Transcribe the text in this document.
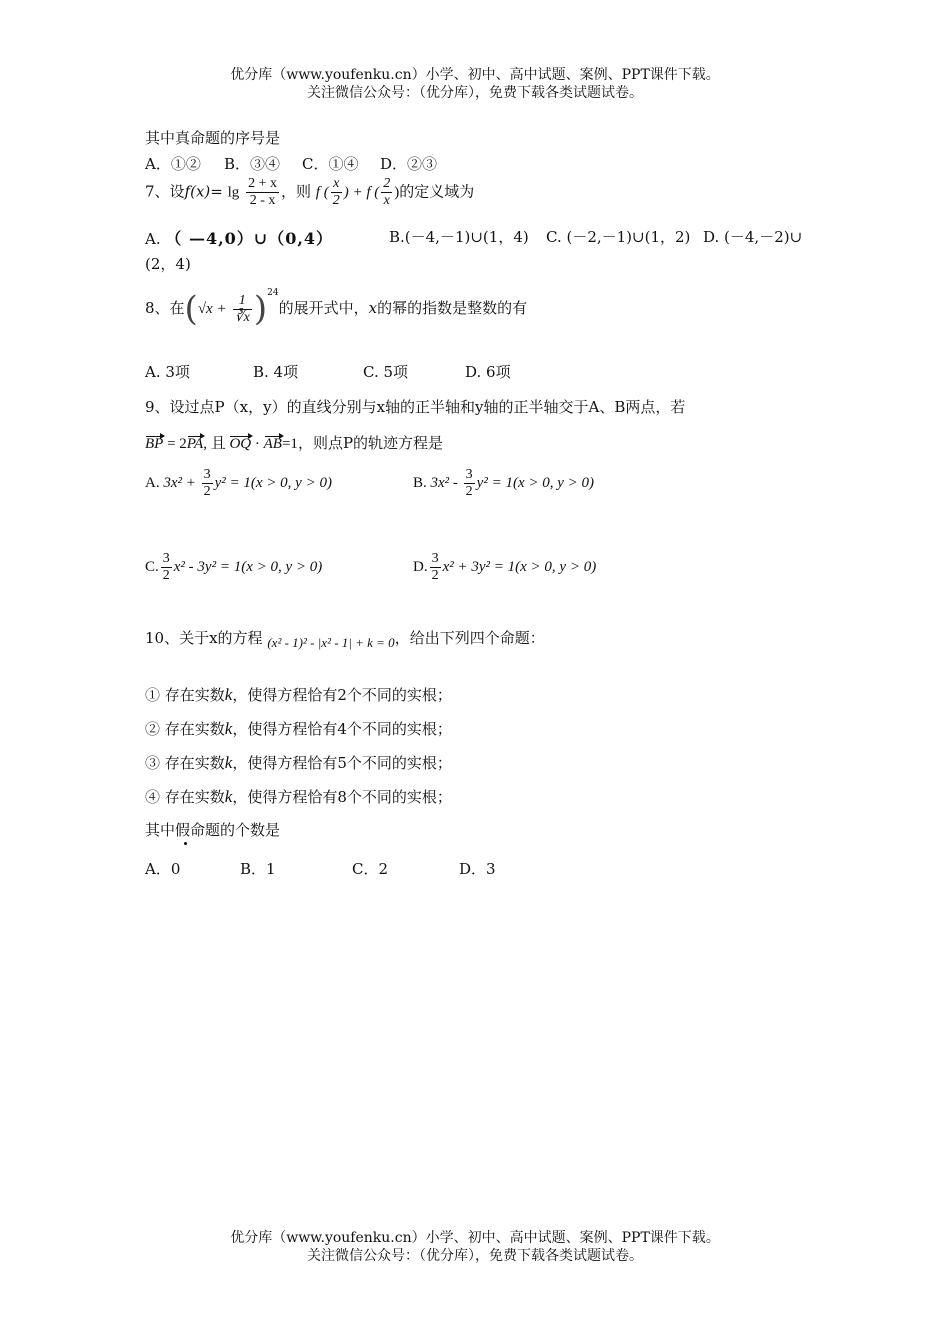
优分库（www.youfenku.cn）小学、初中、高中试题、案例、PPT课件下载。
关注微信公众号：（优分库），免费下载各类试题试卷。
其中真命题的序号是
A．①② B．③④ C．①④ D．②③
7、设$f(x)= \lg \frac{2 + x}{2 - x}$ ，则 f ( $\frac{x}{2}$ ) + f ( $\frac{2}{x}$ )的定义域为
A. （ —4,0）∪（0,4）	B.(－4,－1)∪(1，4) C. (－2,－1)∪(1，2) D. (－4,－2)∪
(2，4)
8、在$(√x + \frac{1}{∛x} )^{24}$的展开式中，x的幂的指数是整数的有
A. 3项	B. 4项	C. 5项	D. 6项
9、设过点P（x，y）的直线分别与x轴的正半轴和y轴的正半轴交于A、B两点，若
BP = 2PA, 且 OQ · AB=1，则点P的轨迹方程是
A. $3x^2 + \frac{3}{2} y^2 = 1(x > 0$, y > 0)	B. $3x^2 - \frac{3}{2} y^2 = 1(x > 0$, y > 0)
C. $\frac{3}{2} x^2 - 3y^2 = 1(x > 0$, y > 0)	D. $\frac{3}{2} x^2 + 3y^2 = 1(x > 0$, y > 0)
10、关于x的方程 (x² - 1)² - |x² - 1| + k = 0，给出下列四个命题：
① 存在实数k，使得方程恰有2个不同的实根；
② 存在实数k，使得方程恰有4个不同的实根；
③ 存在实数k，使得方程恰有5个不同的实根；
④ 存在实数k，使得方程恰有8个不同的实根；
其中假命题的个数是
A．0	B．1	C．2	D．3
优分库（www.youfenku.cn）小学、初中、高中试题、案例、PPT课件下载。
关注微信公众号：（优分库），免费下载各类试题试卷。
